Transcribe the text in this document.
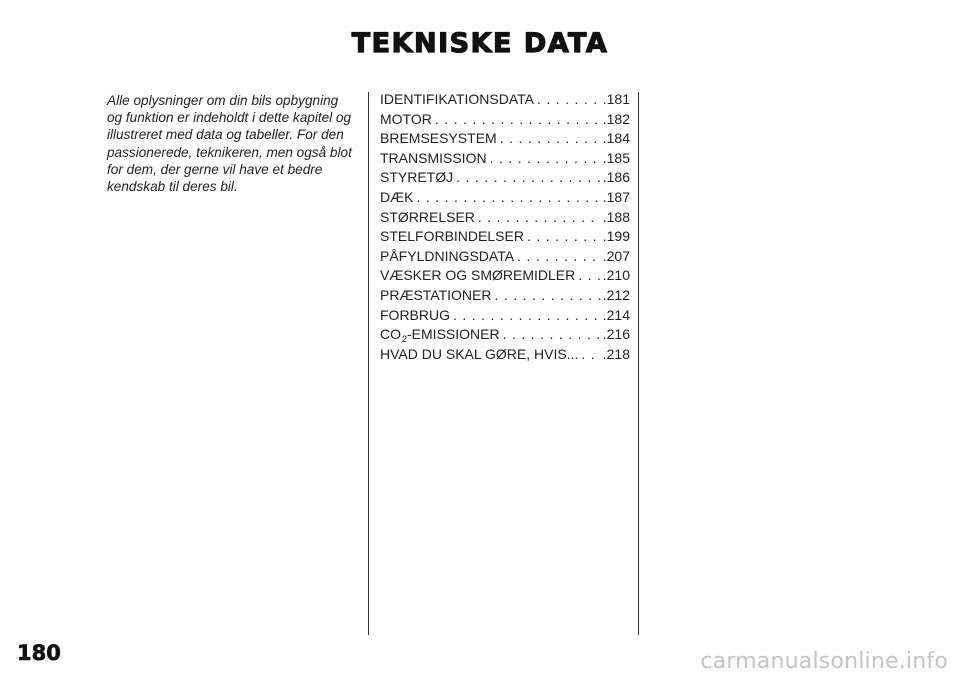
TEKNISKE DATA
Alle oplysninger om din bils opbygning og funktion er indeholdt i dette kapitel og illustreret med data og tabeller. For den passionerede, teknikeren, men også blot for dem, der gerne vil have et bedre kendskab til deres bil.
IDENTIFIKATIONSDATA . . .	.181
MOTOR . . .	.182
BREMSESYSTEM . . .	.184
TRANSMISSION . . .	.185
STYRETØJ . . .	.186
DÆK . . .	.187
STØRRELSER . . .	.188
STELFORBINDELSER . . .	.199
PÅFYLDNINGSDATA . . .	.207
VÆSKER OG SMØREMIDLER . . . .210
PRÆSTATIONER . . .	.212
FORBRUG . . .	.214
$CO_2$-EMISSIONER . . .	.216
HVAD DU SKAL GØRE, HVIS... . . . .218
180	carmanualsonline.info
